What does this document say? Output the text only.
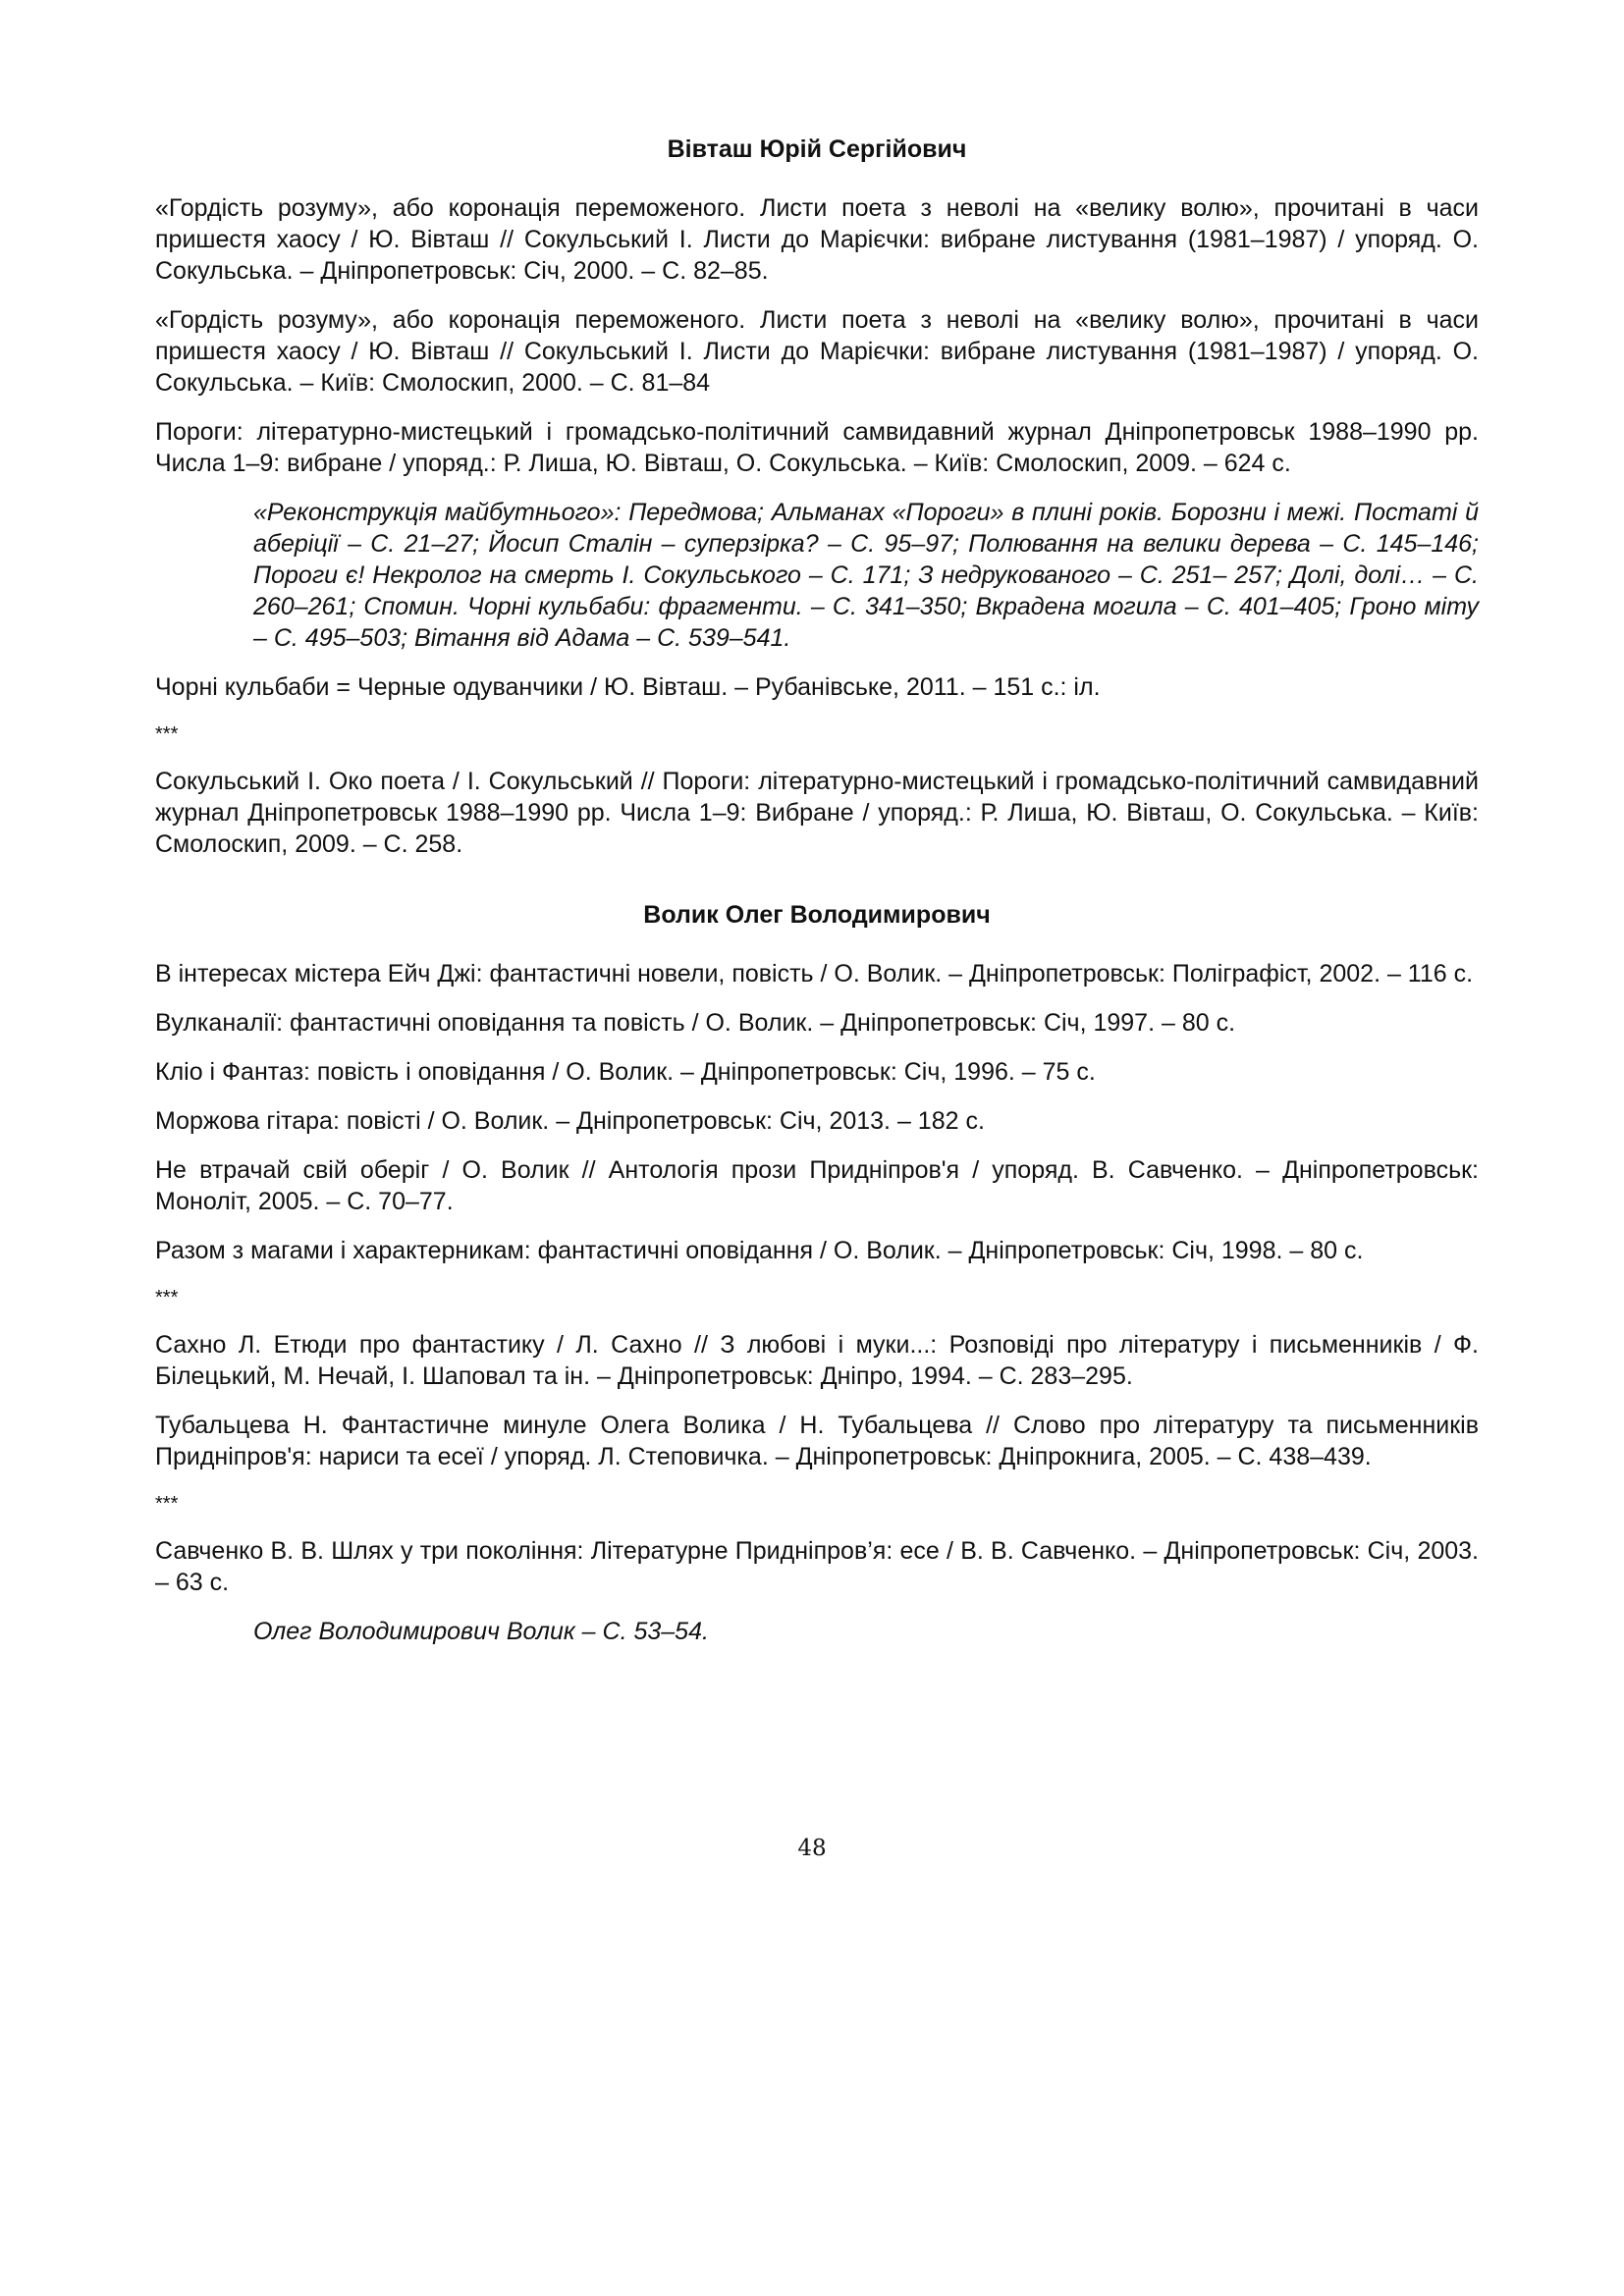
Вівташ Юрій Сергійович

«Гордість розуму», або коронація переможеного. Листи поета з неволі на «велику волю», прочитані в часи пришестя хаосу / Ю. Вівташ // Сокульський І. Листи до Марієчки: вибране листування (1981–1987) / упоряд. О. Сокульська. – Дніпропетровськ: Січ, 2000. – С. 82–85.

«Гордість розуму», або коронація переможеного. Листи поета з неволі на «велику волю», прочитані в часи пришестя хаосу / Ю. Вівташ // Сокульський І. Листи до Марієчки: вибране листування (1981–1987) / упоряд. О. Сокульська. – Київ: Смолоскип, 2000. – С. 81–84

Пороги: літературно-мистецький і громадсько-політичний самвидавний журнал Дніпропетровськ 1988–1990 рр. Числа 1–9: вибране / упоряд.: Р. Лиша, Ю. Вівташ, О. Сокульська. – Київ: Смолоскип, 2009. – 624 с.

«Реконструкція майбутнього»: Передмова; Альманах «Пороги» в плині років. Борозни і межі. Постаті й аберіції – С. 21–27; Йосип Сталін – суперзірка? – С. 95–97; Полювання на велики дерева – С. 145–146; Пороги є! Некролог на смерть І. Сокульського – С. 171; З недрукованого – С. 251– 257; Долі, долі… – С. 260–261; Спомин. Чорні кульбаби: фрагменти. – С. 341–350; Вкрадена могила – С. 401–405; Гроно міту – С. 495–503; Вітання від Адама – С. 539–541.

Чорні кульбаби = Черные одуванчики / Ю. Вівташ. – Рубанівське, 2011. – 151 с.: іл.

***

Сокульський І. Око поета / І. Сокульський // Пороги: літературно-мистецький і громадсько-політичний самвидавний журнал Дніпропетровськ 1988–1990 рр. Числа 1–9: Вибране / упоряд.: Р. Лиша, Ю. Вівташ, О. Сокульська. – Київ: Смолоскип, 2009. – С. 258.

Волик Олег Володимирович

В інтересах містера Ейч Джі: фантастичні новели, повість / О. Волик. – Дніпропетровськ: Поліграфіст, 2002. – 116 с.

Вулканалії: фантастичні оповідання та повість / О. Волик. – Дніпропетровськ: Січ, 1997. – 80 с.

Кліо і Фантаз: повість і оповідання / О. Волик. – Дніпропетровськ: Січ, 1996. – 75 с.

Моржова гітара: повісті / О. Волик. – Дніпропетровськ: Січ, 2013. – 182 с.

Не втрачай свій оберіг / О. Волик // Антологія прози Придніпров'я / упоряд. В. Савченко. – Дніпропетровськ: Моноліт, 2005. – С. 70–77.

Разом з магами і характерникам: фантастичні оповідання / О. Волик. – Дніпропетровськ: Січ, 1998. – 80 с.

***

Сахно Л. Етюди про фантастику / Л. Сахно // З любові і муки...: Розповіді про літературу і письменників / Ф. Білецький, М. Нечай, І. Шаповал та ін. – Дніпропетровськ: Дніпро, 1994. – С. 283–295.

Тубальцева Н. Фантастичне минуле Олега Волика / Н. Тубальцева // Слово про літературу та письменників Придніпров'я: нариси та есеї / упоряд. Л. Степовичка. – Дніпропетровськ: Дніпрокнига, 2005. – С. 438–439.

***

Савченко В. В. Шлях у три покоління: Літературне Придніпров’я: есе / В. В. Савченко. – Дніпропетровськ: Січ, 2003. – 63 с.

Олег Володимирович Волик – С. 53–54.

48
